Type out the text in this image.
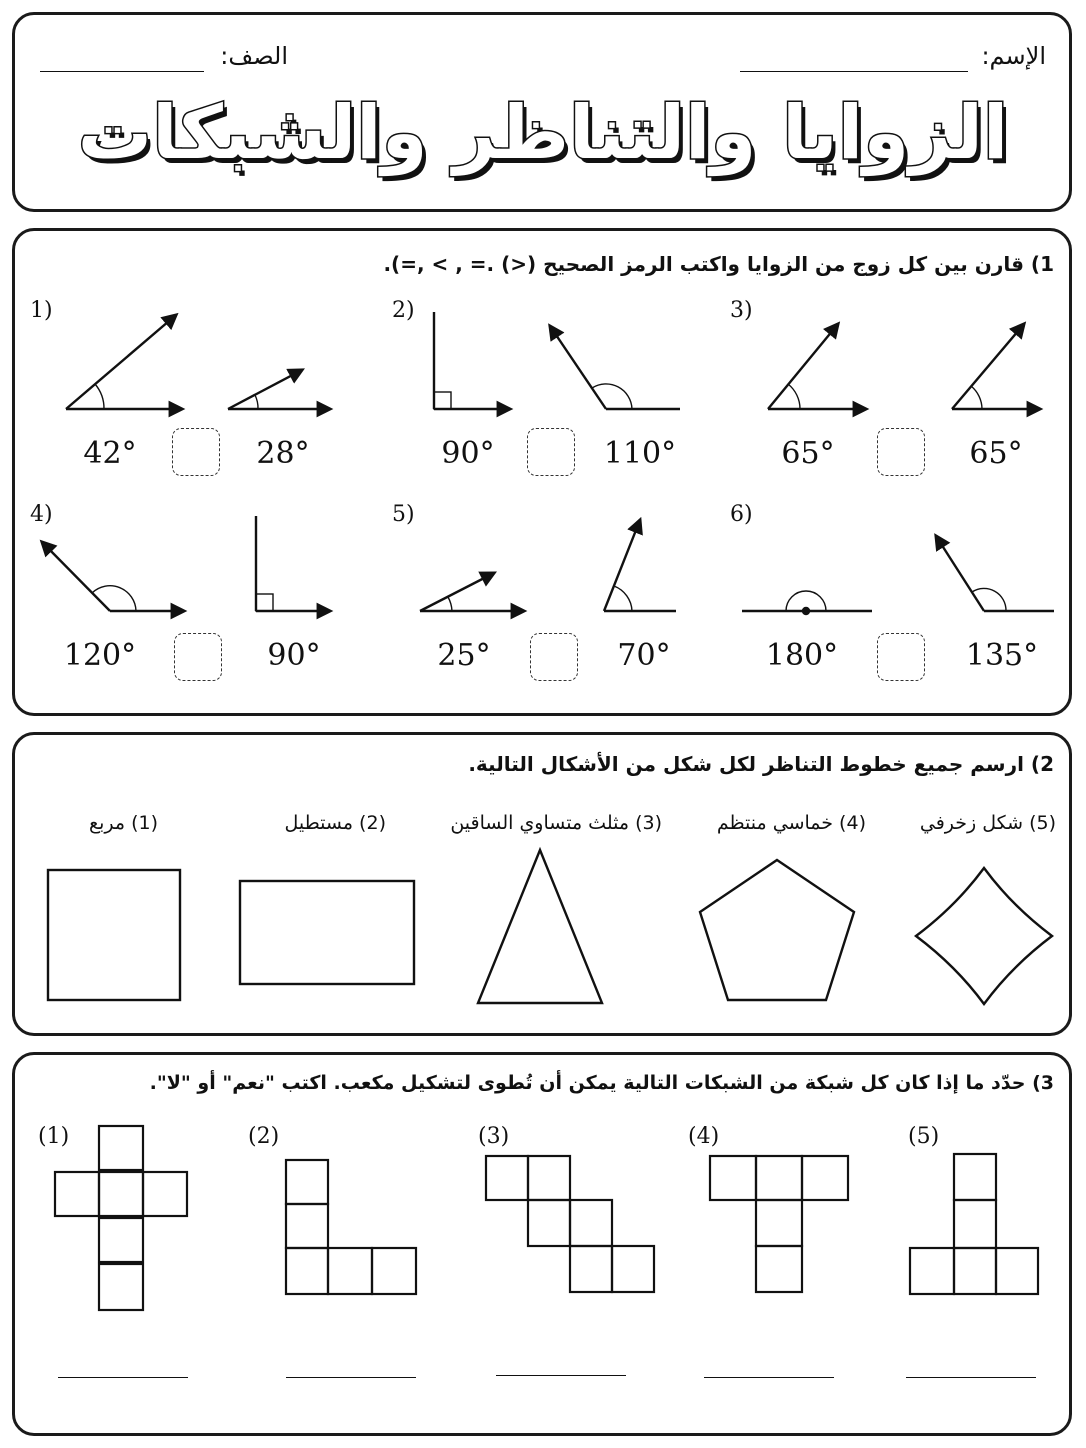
الإسم:
الصف:
الزوايا والتناظر والشبكات
1) قارن بين كل زوج من الزوايا واكتب الرمز الصحيح (<) .= , > ,=).
1)	2)	3)
4)	5)	6)
42°	28°	90°	110°	65°	65°
120°	90°	25°	70°	180°	135°
2) ارسم جميع خطوط التناظر لكل شكل من الأشكال التالية.
(5) شكل زخرفي
(4) خماسي منتظم
(3) مثلث متساوي الساقين
(2) مستطيل
(1) مربع
3) حدّد ما إذا كان كل شبكة من الشبكات التالية يمكن أن تُطوى لتشكيل مكعب. اكتب "نعم" أو "لا".
(1)	(2)	(3)	(4)	(5)
